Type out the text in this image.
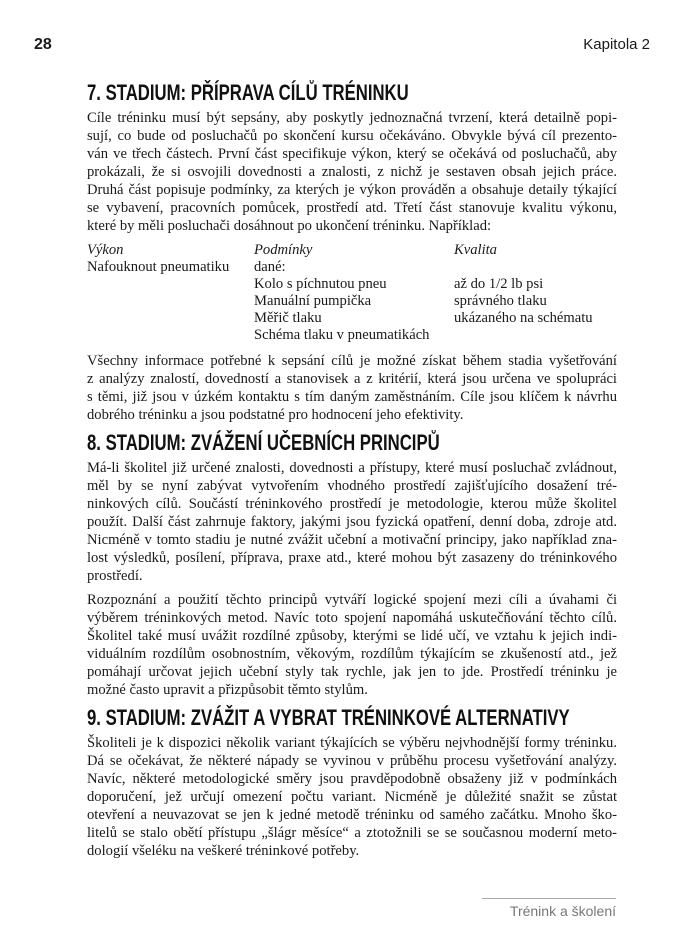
28	Kapitola 2
7. STADIUM: PŘÍPRAVA CÍLŮ TRÉNINKU
Cíle tréninku musí být sepsány, aby poskytly jednoznačná tvrzení, která detailně popi-
sují, co bude od posluchačů po skončení kursu očekáváno. Obvykle bývá cíl prezento-
ván ve třech částech. První část specifikuje výkon, který se očekává od posluchačů, aby
prokázali, že si osvojili dovednosti a znalosti, z nichž je sestaven obsah jejich práce.
Druhá část popisuje podmínky, za kterých je výkon prováděn a obsahuje detaily týkající
se vybavení, pracovních pomůcek, prostředí atd. Třetí část stanovuje kvalitu výkonu,
které by měli posluchači dosáhnout po ukončení tréninku. Například:
Výkon	Podmínky	Kvalita
Nafouknout pneumatiku	dané:	
	Kolo s píchnutou pneu	až do 1/2 lb psi
	Manuální pumpička	správného tlaku
	Měřič tlaku	ukázaného na schématu
	Schéma tlaku v pneumatikách	
Všechny informace potřebné k sepsání cílů je možné získat během stadia vyšetřování
z analýzy znalostí, dovedností a stanovisek a z kritérií, která jsou určena ve spolupráci
s těmi, již jsou v úzkém kontaktu s tím daným zaměstnáním. Cíle jsou klíčem k návrhu
dobrého tréninku a jsou podstatné pro hodnocení jeho efektivity.
8. STADIUM: ZVÁŽENÍ UČEBNÍCH PRINCIPŮ
Má-li školitel již určené znalosti, dovednosti a přístupy, které musí posluchač zvládnout,
měl by se nyní zabývat vytvořením vhodného prostředí zajišťujícího dosažení tré-
ninkových cílů. Součástí tréninkového prostředí je metodologie, kterou může školitel
použít. Další část zahrnuje faktory, jakými jsou fyzická opatření, denní doba, zdroje atd.
Nicméně v tomto stadiu je nutné zvážit učební a motivační principy, jako například zna-
lost výsledků, posílení, příprava, praxe atd., které mohou být zasazeny do tréninkového
prostředí.
Rozpoznání a použití těchto principů vytváří logické spojení mezi cíli a úvahami či
výběrem tréninkových metod. Navíc toto spojení napomáhá uskutečňování těchto cílů.
Školitel také musí uvážit rozdílné způsoby, kterými se lidé učí, ve vztahu k jejich indi-
viduálním rozdílům osobnostním, věkovým, rozdílům týkajícím se zkušeností atd., jež
pomáhají určovat jejich učební styly tak rychle, jak jen to jde. Prostředí tréninku je
možné často upravit a přizpůsobit těmto stylům.
9. STADIUM: ZVÁŽIT A VYBRAT TRÉNINKOVÉ ALTERNATIVY
Školiteli je k dispozici několik variant týkajících se výběru nejvhodnější formy tréninku.
Dá se očekávat, že některé nápady se vyvinou v průběhu procesu vyšetřování analýzy.
Navíc, některé metodologické směry jsou pravděpodobně obsaženy již v podmínkách
doporučení, jež určují omezení počtu variant. Nicméně je důležité snažit se zůstat
otevření a neuvazovat se jen k jedné metodě tréninku od samého začátku. Mnoho ško-
litelů se stalo obětí přístupu „šlágr měsíce“ a ztotožnili se se současnou moderní meto-
dologií všeléku na veškeré tréninkové potřeby.
Trénink a školení
